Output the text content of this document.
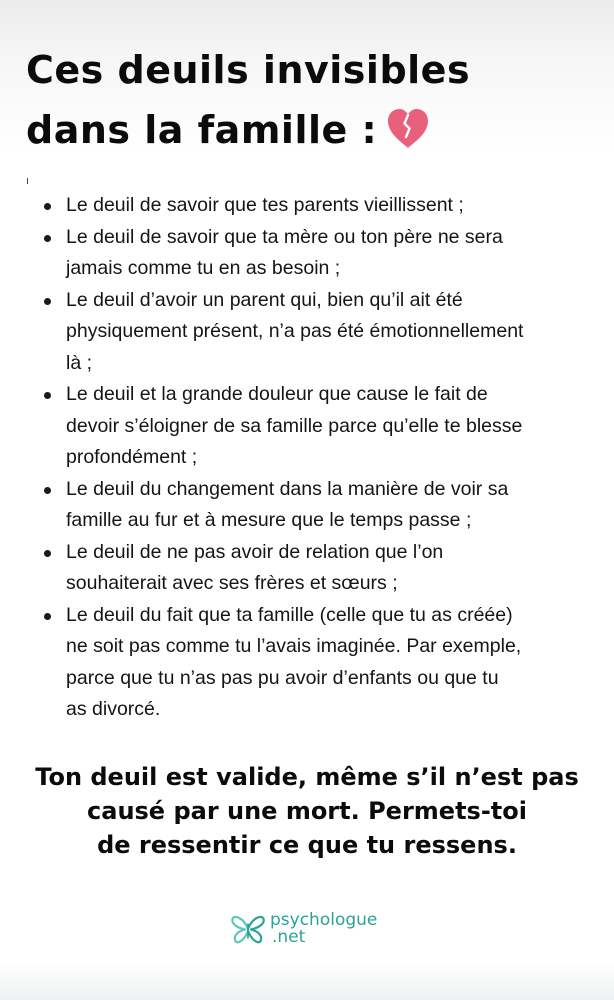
Ces deuils invisibles
dans la famille :
Le deuil de savoir que tes parents vieillissent ;
Le deuil de savoir que ta mère ou ton père ne sera
jamais comme tu en as besoin ;
Le deuil d’avoir un parent qui, bien qu’il ait été
physiquement présent, n’a pas été émotionnellement
là ;
Le deuil et la grande douleur que cause le fait de
devoir s’éloigner de sa famille parce qu’elle te blesse
profondément ;
Le deuil du changement dans la manière de voir sa
famille au fur et à mesure que le temps passe ;
Le deuil de ne pas avoir de relation que l’on
souhaiterait avec ses frères et sœurs ;
Le deuil du fait que ta famille (celle que tu as créée)
ne soit pas comme tu l’avais imaginée. Par exemple,
parce que tu n’as pas pu avoir d’enfants ou que tu
as divorcé.

Ton deuil est valide, même s’il n’est pas
causé par une mort. Permets-toi
de ressentir ce que tu ressens.

psychologue
.net
